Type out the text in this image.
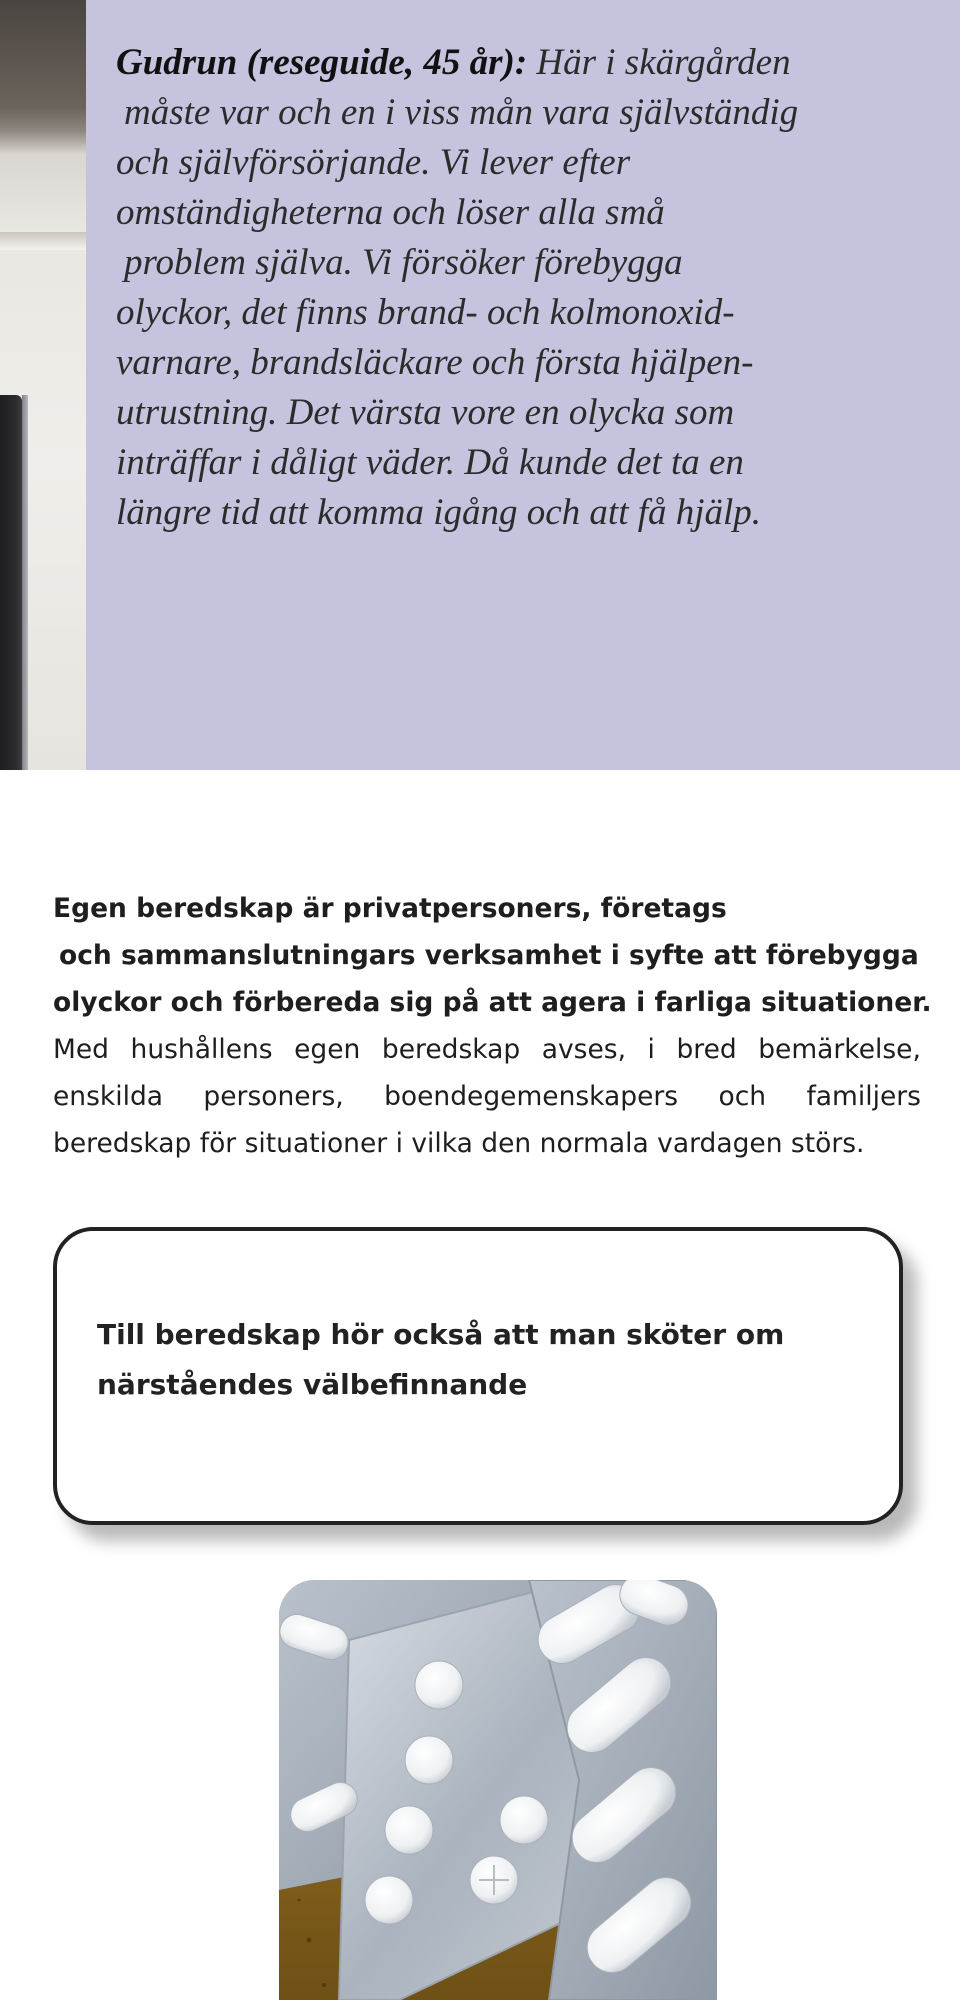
Gudrun (reseguide, 45 år): Här i skärgården
måste var och en i viss mån vara självständig
och självförsörjande. Vi lever efter
omständigheterna och löser alla små
problem själva. Vi försöker förebygga
olyckor, det finns brand- och kolmonoxid-
varnare, brandsläckare och första hjälpen-
utrustning. Det värsta vore en olycka som
inträffar i dåligt väder. Då kunde det ta en
längre tid att komma igång och att få hjälp.

Egen beredskap är privatpersoners, företags
och sammanslutningars verksamhet i syfte att förebygga
olyckor och förbereda sig på att agera i farliga situationer.
Med hushållens egen beredskap avses, i bred bemärkelse,
enskilda personers, boendegemenskapers och familjers
beredskap för situationer i vilka den normala vardagen störs.
Till beredskap hör också att man sköter om
närståendes välbefinnande
